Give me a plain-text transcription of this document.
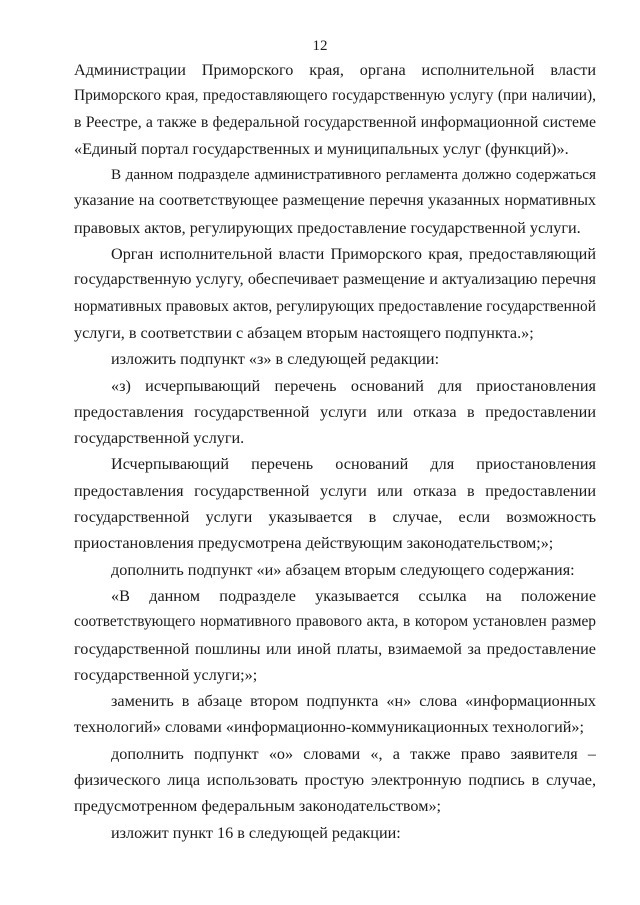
12
Администрации Приморского края, органа исполнительной власти
Приморского края, предоставляющего государственную услугу (при наличии),
в Реестре, а также в федеральной государственной информационной системе
«Единый портал государственных и муниципальных услуг (функций)».
В данном подразделе административного регламента должно содержаться
указание на соответствующее размещение перечня указанных нормативных
правовых актов, регулирующих предоставление государственной услуги.
Орган исполнительной власти Приморского края, предоставляющий
государственную услугу, обеспечивает размещение и актуализацию перечня
нормативных правовых актов, регулирующих предоставление государственной
услуги, в соответствии с абзацем вторым настоящего подпункта.»;
изложить подпункт «з» в следующей редакции:
«з) исчерпывающий перечень оснований для приостановления
предоставления государственной услуги или отказа в предоставлении
государственной услуги.
Исчерпывающий перечень оснований для приостановления
предоставления государственной услуги или отказа в предоставлении
государственной услуги указывается в случае, если возможность
приостановления предусмотрена действующим законодательством;»;
дополнить подпункт «и» абзацем вторым следующего содержания:
«В данном подразделе указывается ссылка на положение
соответствующего нормативного правового акта, в котором установлен размер
государственной пошлины или иной платы, взимаемой за предоставление
государственной услуги;»;
заменить в абзаце втором подпункта «н» слова «информационных
технологий» словами «информационно-коммуникационных технологий»;
дополнить подпункт «о» словами «, а также право заявителя –
физического лица использовать простую электронную подпись в случае,
предусмотренном федеральным законодательством»;
изложит пункт 16 в следующей редакции:
